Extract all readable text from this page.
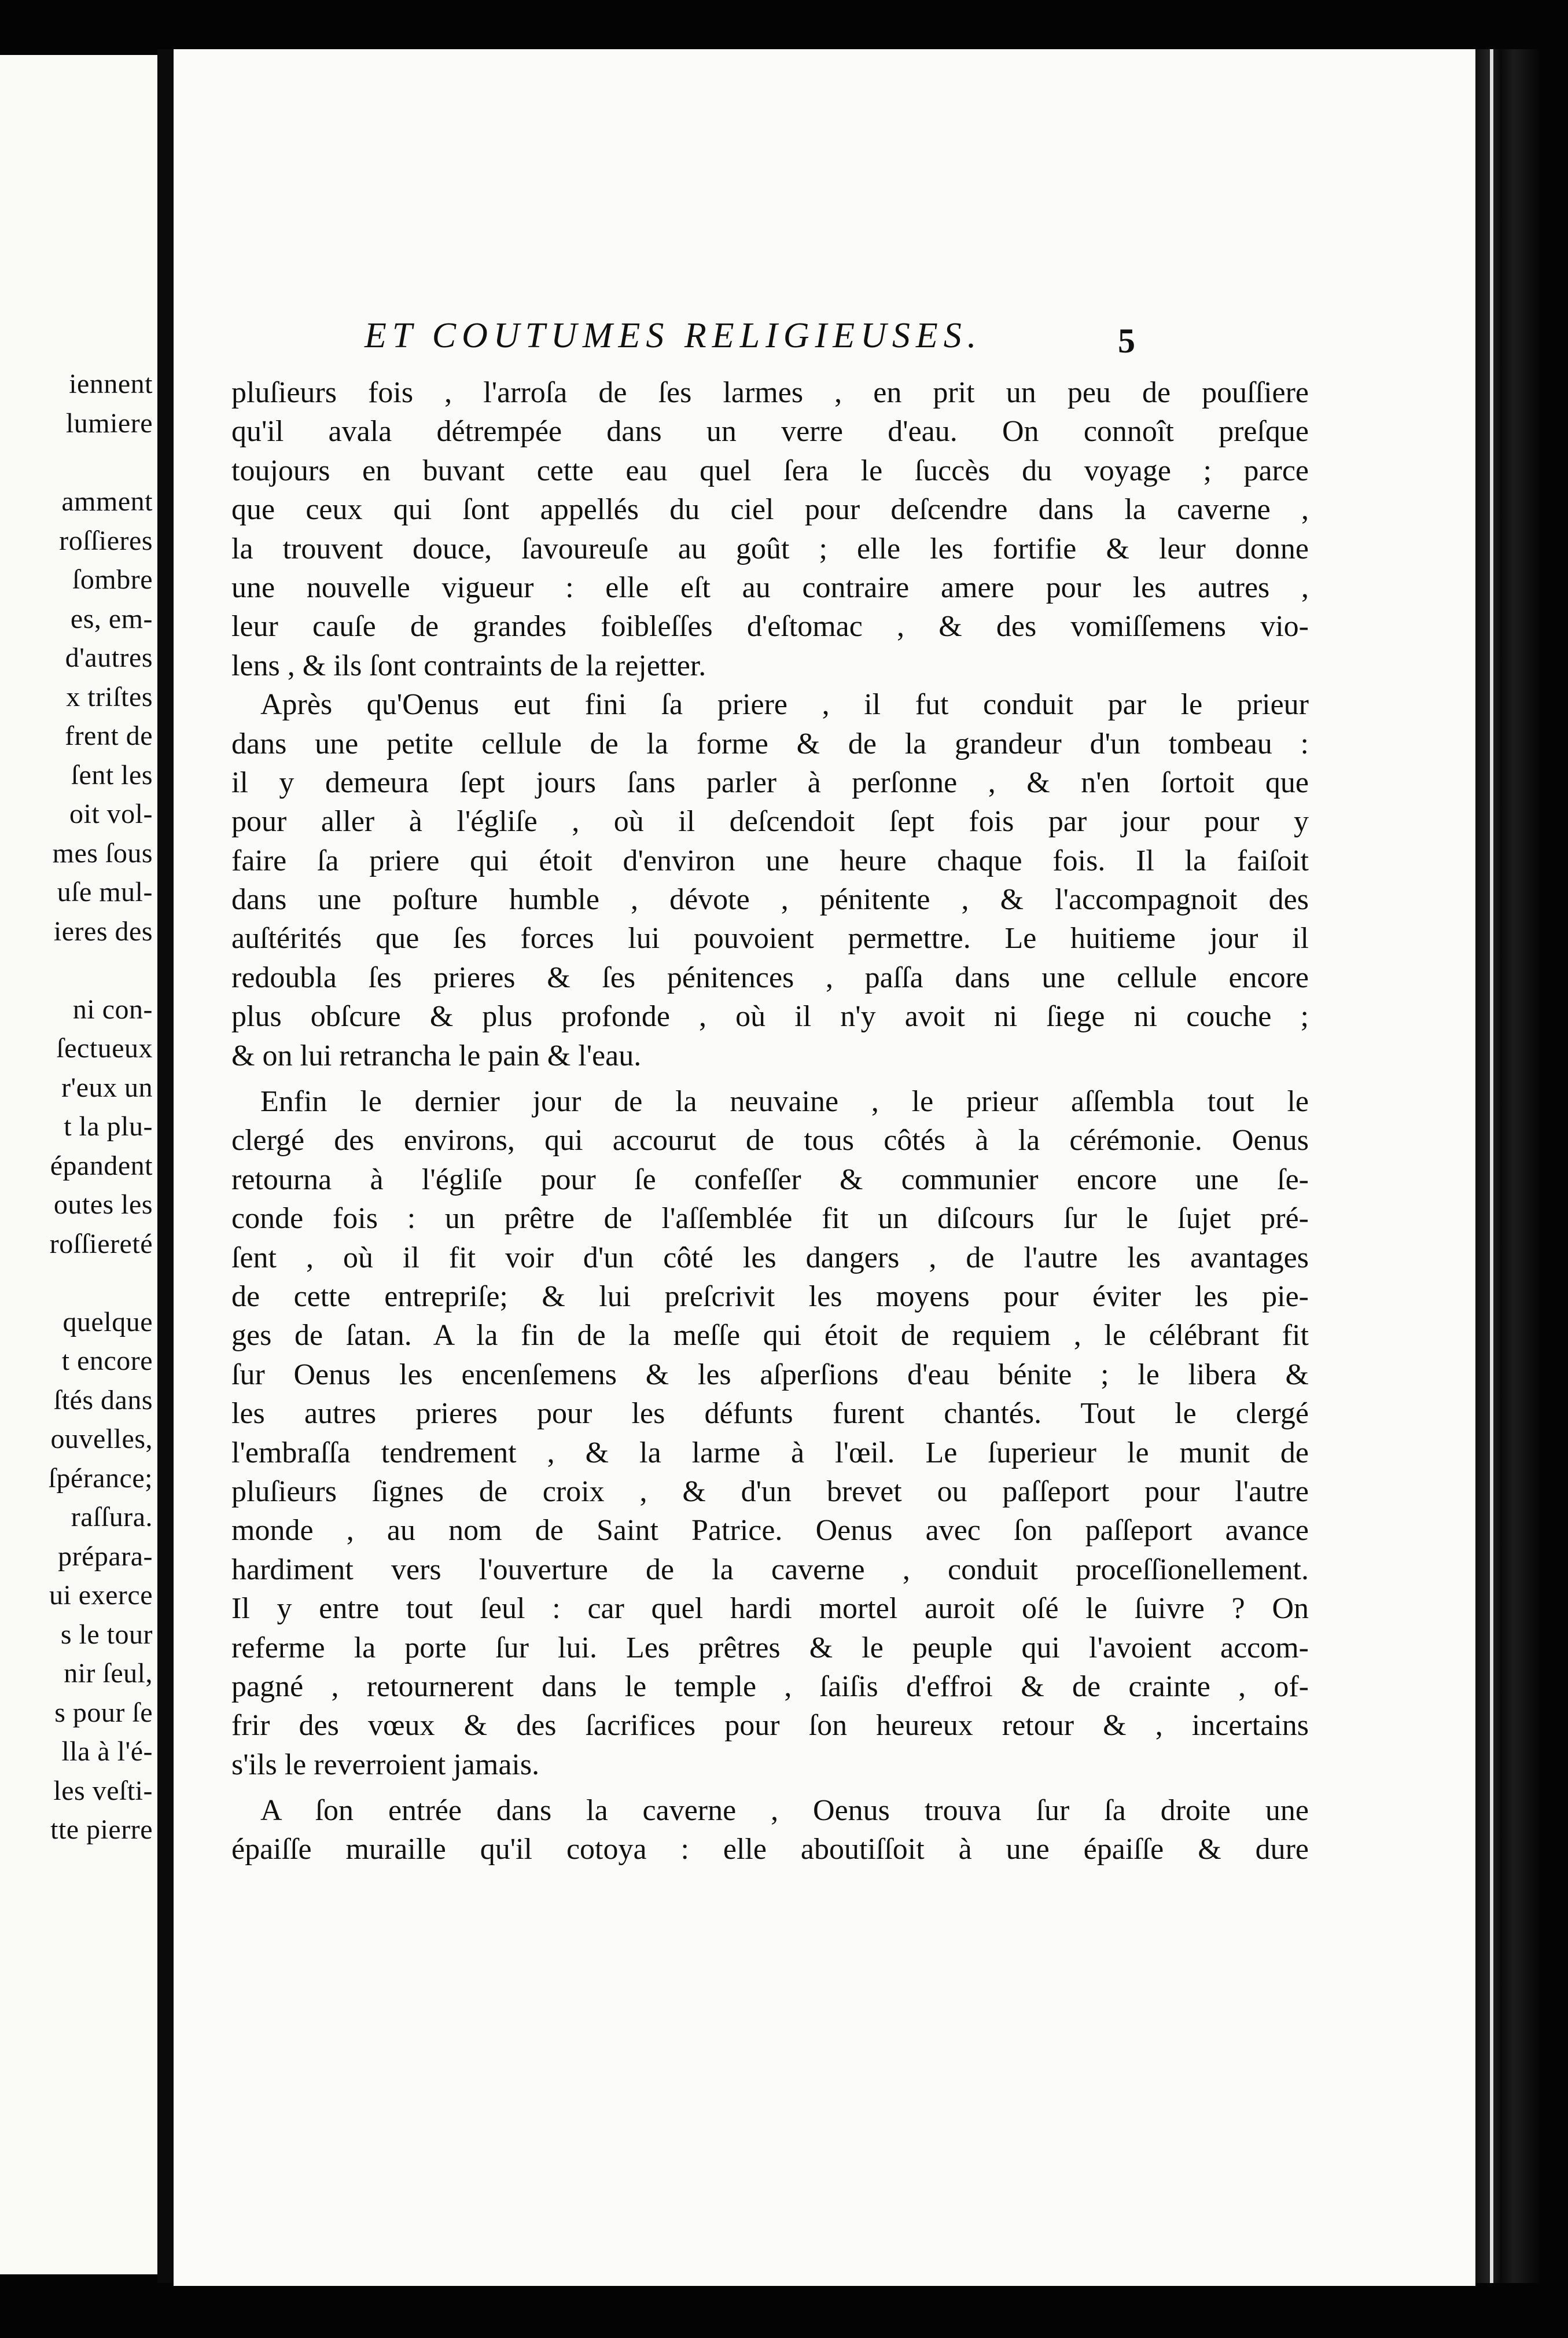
iennent

lumiere

amment

roſſieres

ſombre

es, em-

d'autres

x triſtes

frent de

ſent les

oit vol-

mes ſous

uſe mul-

ieres des

ni con-

ſectueux

r'eux un

t la plu-

épandent

outes les

roſſiereté

quelque

t encore

ſtés dans

ouvelles,

ſpérance;

raſſura.

prépara-

ui exerce

s le tour

nir ſeul,

s pour ſe

lla à l'é-

les veſti-

tte pierre

ET COUTUMES RELIGIEUSES.	5
pluſieurs fois , l'arroſa de ſes larmes , en prit un peu de pouſſiere
qu'il avala détrempée dans un verre d'eau. On connoît preſque
toujours en buvant cette eau quel ſera le ſuccès du voyage ; parce
que ceux qui ſont appellés du ciel pour deſcendre dans la caverne ,
la trouvent douce, ſavoureuſe au goût ; elle les fortifie & leur donne
une nouvelle vigueur : elle eſt au contraire amere pour les autres ,
leur cauſe de grandes foibleſſes d'eſtomac , & des vomiſſemens vio-
lens , & ils ſont contraints de la rejetter.
Après qu'Oenus eut fini ſa priere , il fut conduit par le prieur
dans une petite cellule de la forme & de la grandeur d'un tombeau :
il y demeura ſept jours ſans parler à perſonne , & n'en ſortoit que
pour aller à l'égliſe , où il deſcendoit ſept fois par jour pour y
faire ſa priere qui étoit d'environ une heure chaque fois. Il la faiſoit
dans une poſture humble , dévote , pénitente , & l'accompagnoit des
auſtérités que ſes forces lui pouvoient permettre. Le huitieme jour il
redoubla ſes prieres & ſes pénitences , paſſa dans une cellule encore
plus obſcure & plus profonde , où il n'y avoit ni ſiege ni couche ;
& on lui retrancha le pain & l'eau.
Enfin le dernier jour de la neuvaine , le prieur aſſembla tout le
clergé des environs, qui accourut de tous côtés à la cérémonie. Oenus
retourna à l'égliſe pour ſe confeſſer & communier encore une ſe-
conde fois : un prêtre de l'aſſemblée fit un diſcours ſur le ſujet pré-
ſent , où il fit voir d'un côté les dangers , de l'autre les avantages
de cette entrepriſe; & lui preſcrivit les moyens pour éviter les pie-
ges de ſatan. A la fin de la meſſe qui étoit de requiem , le célébrant fit
ſur Oenus les encenſemens & les aſperſions d'eau bénite ; le libera &
les autres prieres pour les défunts furent chantés. Tout le clergé
l'embraſſa tendrement , & la larme à l'œil. Le ſuperieur le munit de
pluſieurs ſignes de croix , & d'un brevet ou paſſeport pour l'autre
monde , au nom de Saint Patrice. Oenus avec ſon paſſeport avance
hardiment vers l'ouverture de la caverne , conduit proceſſionellement.
Il y entre tout ſeul : car quel hardi mortel auroit oſé le ſuivre ? On
referme la porte ſur lui. Les prêtres & le peuple qui l'avoient accom-
pagné , retournerent dans le temple , ſaiſis d'effroi & de crainte , of-
frir des vœux & des ſacrifices pour ſon heureux retour & , incertains
s'ils le reverroient jamais.
A ſon entrée dans la caverne , Oenus trouva ſur ſa droite une
épaiſſe muraille qu'il cotoya : elle aboutiſſoit à une épaiſſe & dure
